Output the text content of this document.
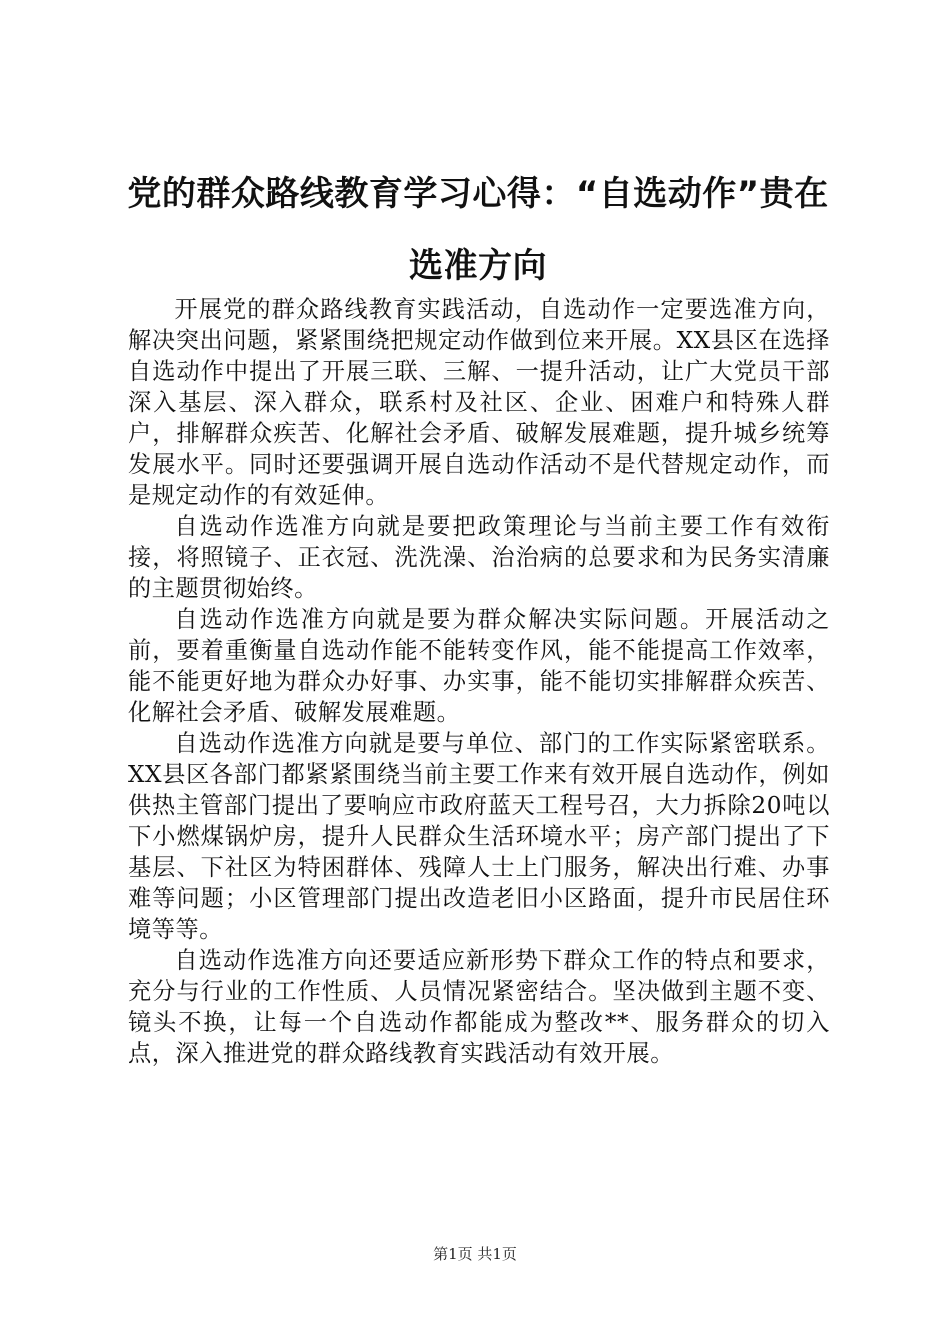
党的群众路线教育学习心得：“自选动作”贵在选准方向

开展党的群众路线教育实践活动，自选动作一定要选准方向，解决突出问题，紧紧围绕把规定动作做到位来开展。XX县区在选择自选动作中提出了开展三联、三解、一提升活动，让广大党员干部深入基层、深入群众，联系村及社区、企业、困难户和特殊人群户，排解群众疾苦、化解社会矛盾、破解发展难题，提升城乡统筹发展水平。同时还要强调开展自选动作活动不是代替规定动作，而是规定动作的有效延伸。

自选动作选准方向就是要把政策理论与当前主要工作有效衔接，将照镜子、正衣冠、洗洗澡、治治病的总要求和为民务实清廉的主题贯彻始终。

自选动作选准方向就是要为群众解决实际问题。开展活动之前，要着重衡量自选动作能不能转变作风，能不能提高工作效率，能不能更好地为群众办好事、办实事，能不能切实排解群众疾苦、化解社会矛盾、破解发展难题。

自选动作选准方向就是要与单位、部门的工作实际紧密联系。XX县区各部门都紧紧围绕当前主要工作来有效开展自选动作，例如供热主管部门提出了要响应市政府蓝天工程号召，大力拆除20吨以下小燃煤锅炉房，提升人民群众生活环境水平；房产部门提出了下基层、下社区为特困群体、残障人士上门服务，解决出行难、办事难等问题；小区管理部门提出改造老旧小区路面，提升市民居住环境等等。

自选动作选准方向还要适应新形势下群众工作的特点和要求，充分与行业的工作性质、人员情况紧密结合。坚决做到主题不变、镜头不换，让每一个自选动作都能成为整改**、服务群众的切入点，深入推进党的群众路线教育实践活动有效开展。

第1页 共1页
